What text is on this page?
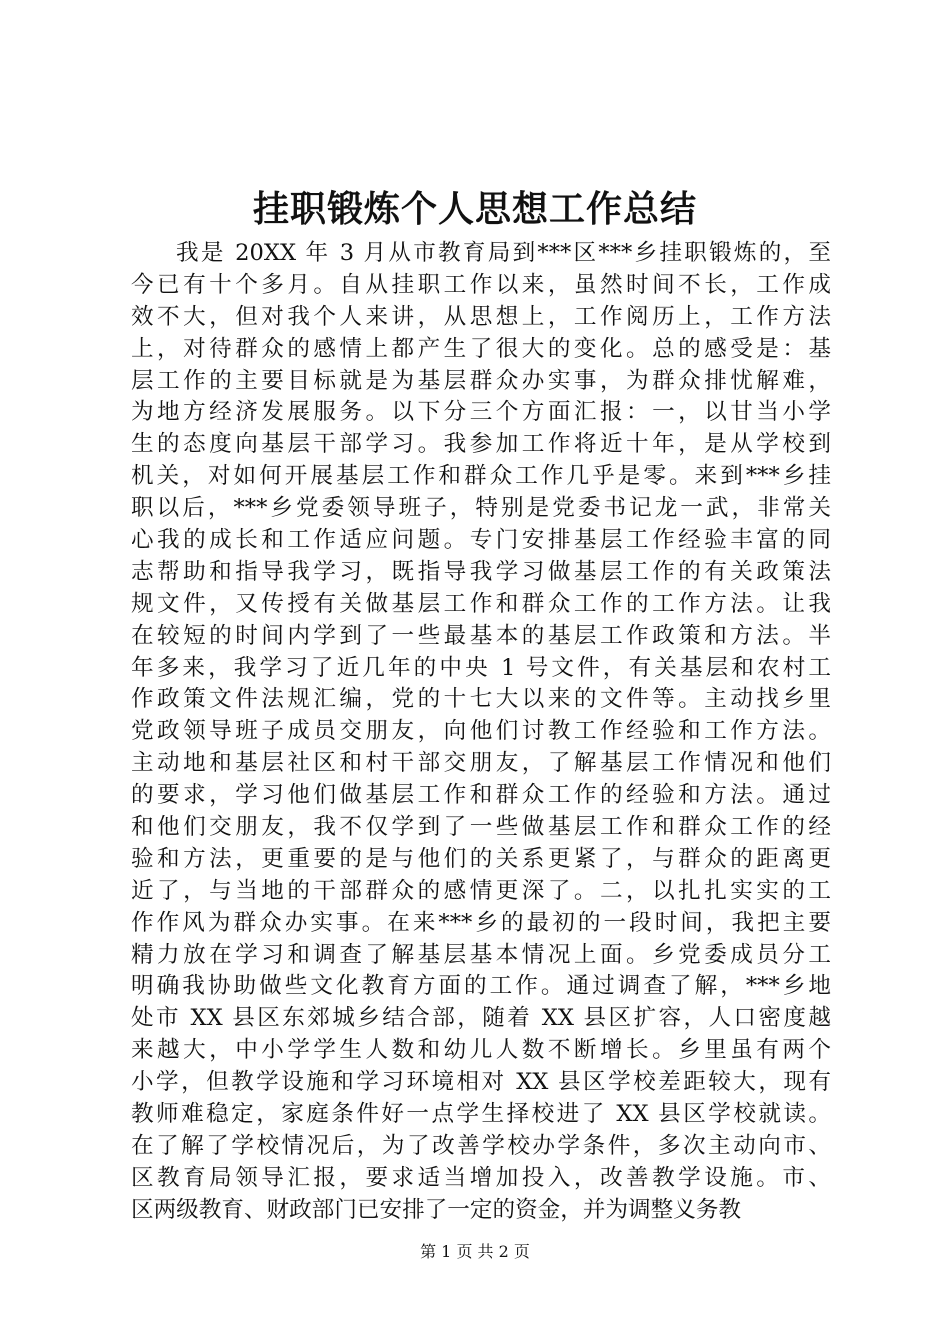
挂职锻炼个人思想工作总结
我是 20XX 年 3 月从市教育局到***区***乡挂职锻炼的，至
今已有十个多月。自从挂职工作以来，虽然时间不长，工作成
效不大，但对我个人来讲，从思想上，工作阅历上，工作方法
上，对待群众的感情上都产生了很大的变化。总的感受是：基
层工作的主要目标就是为基层群众办实事，为群众排忧解难，
为地方经济发展服务。以下分三个方面汇报：一，以甘当小学
生的态度向基层干部学习。我参加工作将近十年，是从学校到
机关，对如何开展基层工作和群众工作几乎是零。来到***乡挂
职以后，***乡党委领导班子，特别是党委书记龙一武，非常关
心我的成长和工作适应问题。专门安排基层工作经验丰富的同
志帮助和指导我学习，既指导我学习做基层工作的有关政策法
规文件，又传授有关做基层工作和群众工作的工作方法。让我
在较短的时间内学到了一些最基本的基层工作政策和方法。半
年多来，我学习了近几年的中央 1 号文件，有关基层和农村工
作政策文件法规汇编，党的十七大以来的文件等。主动找乡里
党政领导班子成员交朋友，向他们讨教工作经验和工作方法。
主动地和基层社区和村干部交朋友，了解基层工作情况和他们
的要求，学习他们做基层工作和群众工作的经验和方法。通过
和他们交朋友，我不仅学到了一些做基层工作和群众工作的经
验和方法，更重要的是与他们的关系更紧了，与群众的距离更
近了，与当地的干部群众的感情更深了。二，以扎扎实实的工
作作风为群众办实事。在来***乡的最初的一段时间，我把主要
精力放在学习和调查了解基层基本情况上面。乡党委成员分工
明确我协助做些文化教育方面的工作。通过调查了解，***乡地
处市 XX 县区东郊城乡结合部，随着 XX 县区扩容，人口密度越
来越大，中小学学生人数和幼儿人数不断增长。乡里虽有两个
小学，但教学设施和学习环境相对 XX 县区学校差距较大，现有
教师难稳定，家庭条件好一点学生择校进了 XX 县区学校就读。
在了解了学校情况后，为了改善学校办学条件，多次主动向市、
区教育局领导汇报，要求适当增加投入，改善教学设施。市、
区两级教育、财政部门已安排了一定的资金，并为调整义务教
第 1 页 共 2 页
